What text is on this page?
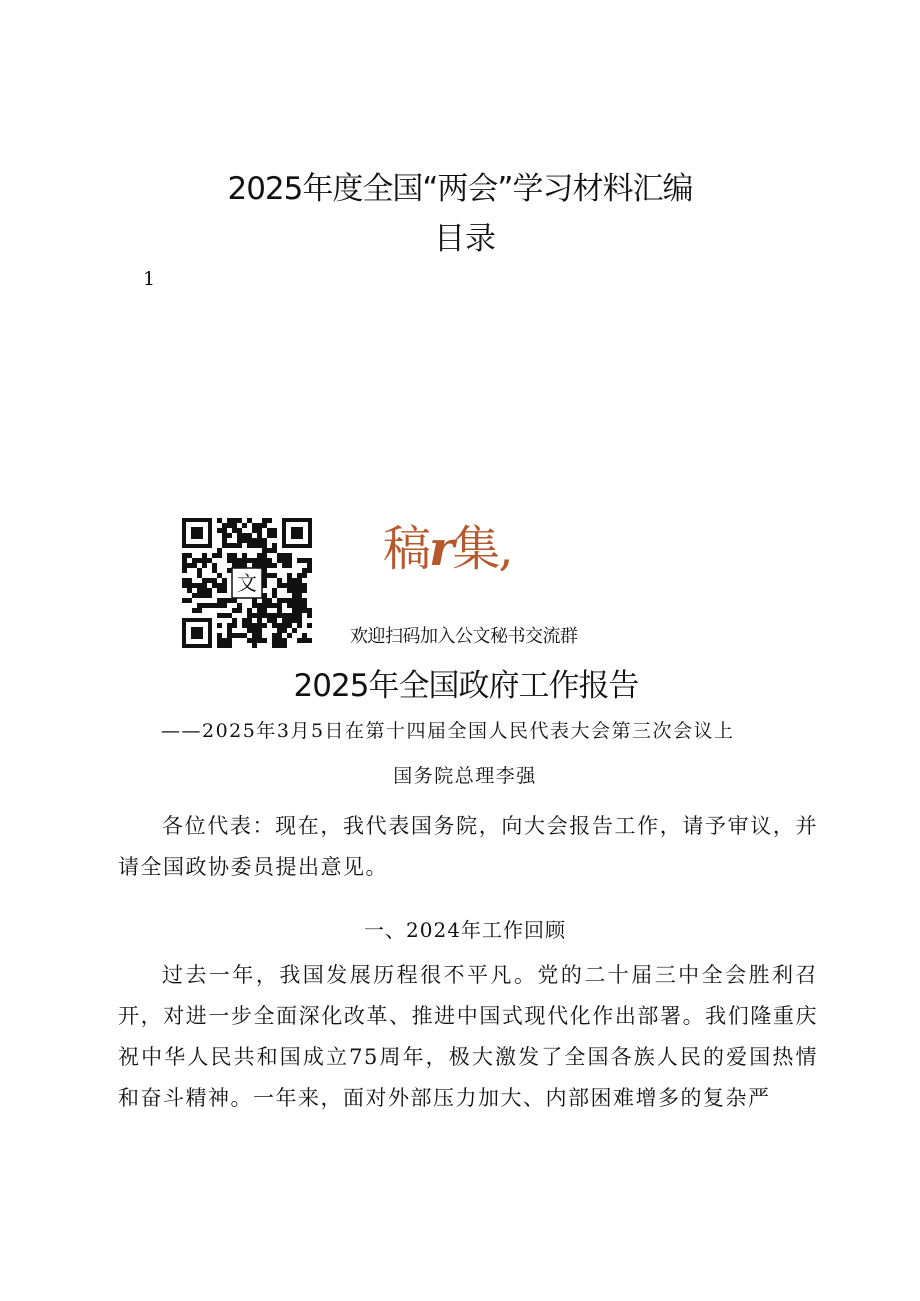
2025年度全国“两会”学习材料汇编
目录
1
文
稿r集,
欢迎扫码加入公文秘书交流群
2025年全国政府工作报告
——2025年3月5日在第十四届全国人民代表大会第三次会议上
国务院总理李强
各位代表：现在，我代表国务院，向大会报告工作，请予审议，并请全国政协委员提出意见。
一、2024年工作回顾
过去一年，我国发展历程很不平凡。党的二十届三中全会胜利召开，对进一步全面深化改革、推进中国式现代化作出部署。我们隆重庆祝中华人民共和国成立75周年，极大激发了全国各族人民的爱国热情和奋斗精神。一年来，面对外部压力加大、内部困难增多的复杂严
